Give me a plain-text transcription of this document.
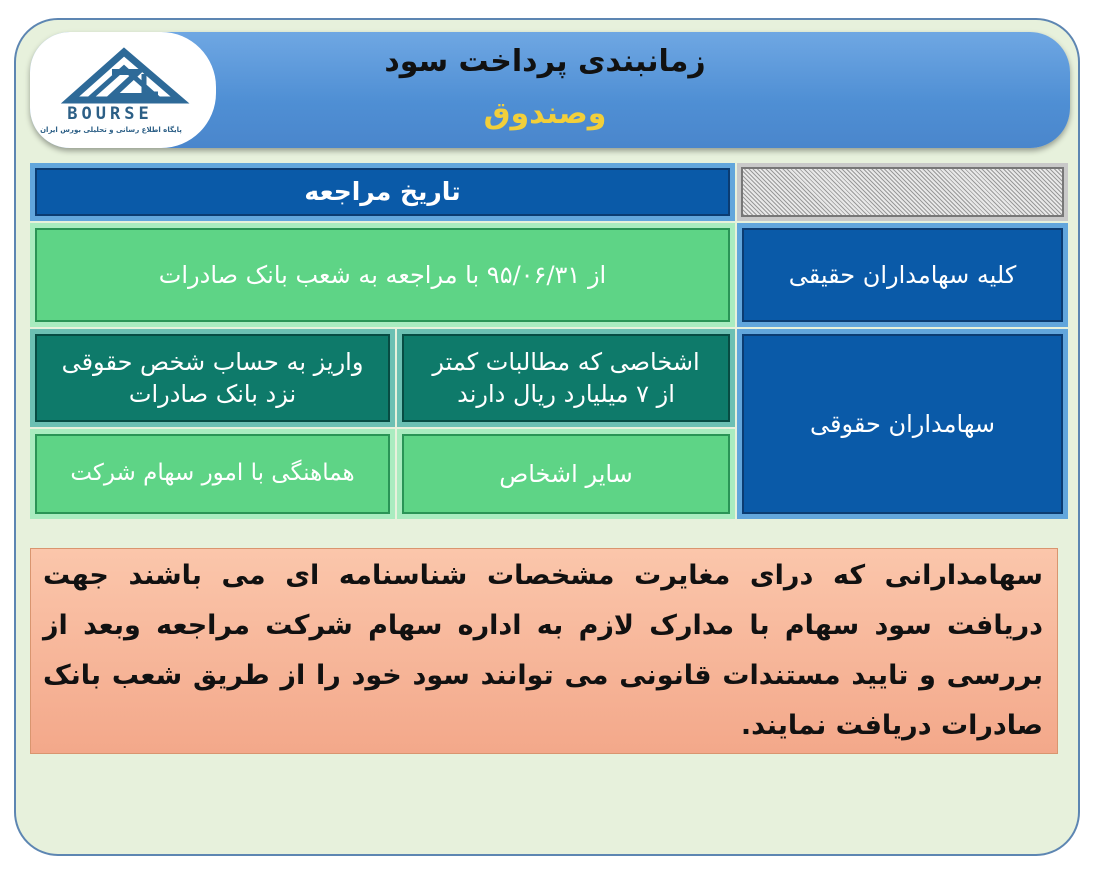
BOURSE
پایگاه اطلاع رسانی و تحلیلی بورس ایران
زمانبندی پرداخت سود
وصندوق
تاریخ مراجعه
کلیه سهامداران حقیقی
از ۹۵/۰۶/۳۱ با مراجعه به شعب بانک صادرات
سهامداران حقوقی
اشخاصی که مطالبات کمتر از ۷ میلیارد ریال دارند
واریز به حساب شخص حقوقی نزد بانک صادرات
سایر اشخاص
هماهنگی با امور سهام شرکت
سهامدارانی که درای مغایرت مشخصات شناسنامه ای می باشند جهت دریافت سود سهام با مدارک لازم به اداره سهام شرکت مراجعه وبعد از بررسی و تایید مستندات قانونی می توانند سود خود را از طریق شعب بانک صادرات دریافت نمایند.
